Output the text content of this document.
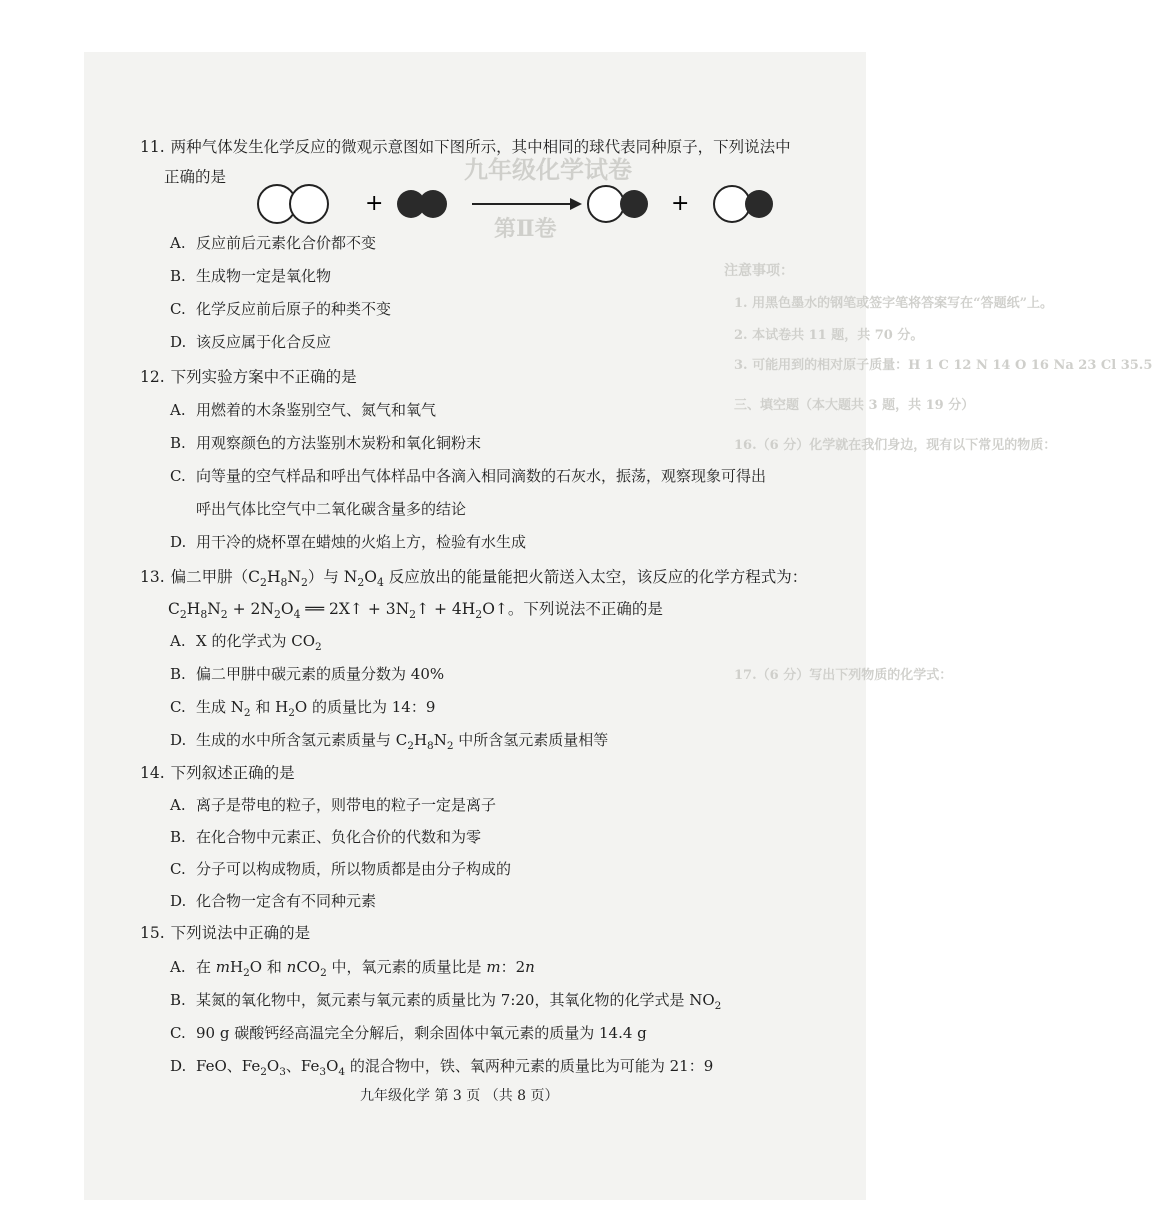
九年级化学试卷
第Ⅱ卷
注意事项：
1. 用黑色墨水的钢笔或签字笔将答案写在“答题纸”上。
2. 本试卷共 11 题，共 70 分。
3. 可能用到的相对原子质量：H 1 C 12 N 14 O 16 Na 23 Cl 35.5
三、填空题（本大题共 3 题，共 19 分）
16.（6 分）化学就在我们身边，现有以下常见的物质：
17.（6 分）写出下列物质的化学式：
11. 两种气体发生化学反应的微观示意图如下图所示，其中相同的球代表同种原子，下列说法中
正确的是
+	+
A. 反应前后元素化合价都不变
B. 生成物一定是氧化物
C. 化学反应前后原子的种类不变
D. 该反应属于化合反应
12. 下列实验方案中不正确的是
A. 用燃着的木条鉴别空气、氮气和氧气
B. 用观察颜色的方法鉴别木炭粉和氧化铜粉末
C. 向等量的空气样品和呼出气体样品中各滴入相同滴数的石灰水，振荡，观察现象可得出
呼出气体比空气中二氧化碳含量多的结论
D. 用干冷的烧杯罩在蜡烛的火焰上方，检验有水生成
13. 偏二甲肼$(C_2H_8N_2)$与 $N_2O_4$ 反应放出的能量能把火箭送入太空，该反应的化学方程式为：
$C_2H_8N_2 + 2N_2O_4$ ══ 2X↑ + $3N_2↑$ + $4H_2O↑$。下列说法不正确的是
A. X 的化学式为 $CO_2$
B. 偏二甲肼中碳元素的质量分数为 40%
C. 生成 $N_2$ 和 $H_2O$ 的质量比为 14：9
D. 生成的水中所含氢元素质量与 $C_2H_8N_2$ 中所含氢元素质量相等
14. 下列叙述正确的是
A. 离子是带电的粒子，则带电的粒子一定是离子
B. 在化合物中元素正、负化合价的代数和为零
C. 分子可以构成物质，所以物质都是由分子构成的
D. 化合物一定含有不同种元素
15. 下列说法中正确的是
A. 在 $mH_2O$ 和 nCO$_2$ 中，氧元素的质量比是 m：2n
B. 某氮的氧化物中，氮元素与氧元素的质量比为 7:20，其氧化物的化学式是 $NO_2$
C. 90 g 碳酸钙经高温完全分解后，剩余固体中氧元素的质量为 14.4 g
D. FeO、$Fe_2O_3$、$Fe_3O_4$ 的混合物中，铁、氧两种元素的质量比为可能为 21：9
九年级化学 第 3 页 （共 8 页）
